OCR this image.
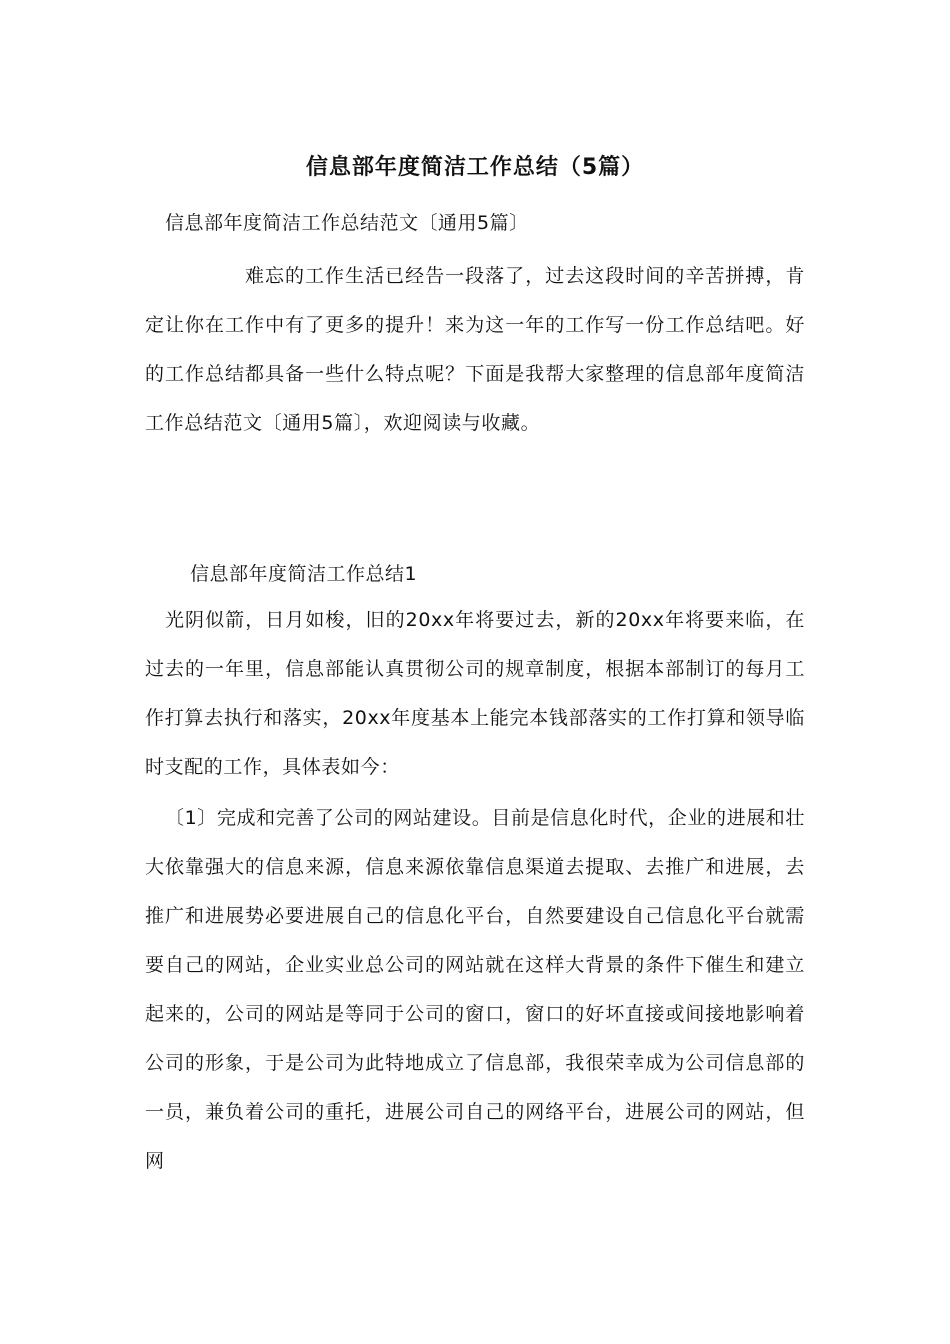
信息部年度简洁工作总结（5篇）
信息部年度简洁工作总结范文〔通用5篇〕

难忘的工作生活已经告一段落了，过去这段时间的辛苦拼搏，肯定让你在工作中有了更多的提升！来为这一年的工作写一份工作总结吧。好的工作总结都具备一些什么特点呢？下面是我帮大家整理的信息部年度简洁工作总结范文〔通用5篇〕，欢迎阅读与收藏。

信息部年度简洁工作总结1

光阴似箭，日月如梭，旧的20xx年将要过去，新的20xx年将要来临，在过去的一年里，信息部能认真贯彻公司的规章制度，根据本部制订的每月工作打算去执行和落实，20xx年度基本上能完本钱部落实的工作打算和领导临时支配的工作，具体表如今：

〔1〕完成和完善了公司的网站建设。目前是信息化时代，企业的进展和壮大依靠强大的信息来源，信息来源依靠信息渠道去提取、去推广和进展，去推广和进展势必要进展自己的信息化平台，自然要建设自己信息化平台就需要自己的网站，企业实业总公司的网站就在这样大背景的条件下催生和建立起来的，公司的网站是等同于公司的窗口，窗口的好坏直接或间接地影响着公司的形象，于是公司为此特地成立了信息部，我很荣幸成为公司信息部的一员，兼负着公司的重托，进展公司自己的网络平台，进展公司的网站，但网
